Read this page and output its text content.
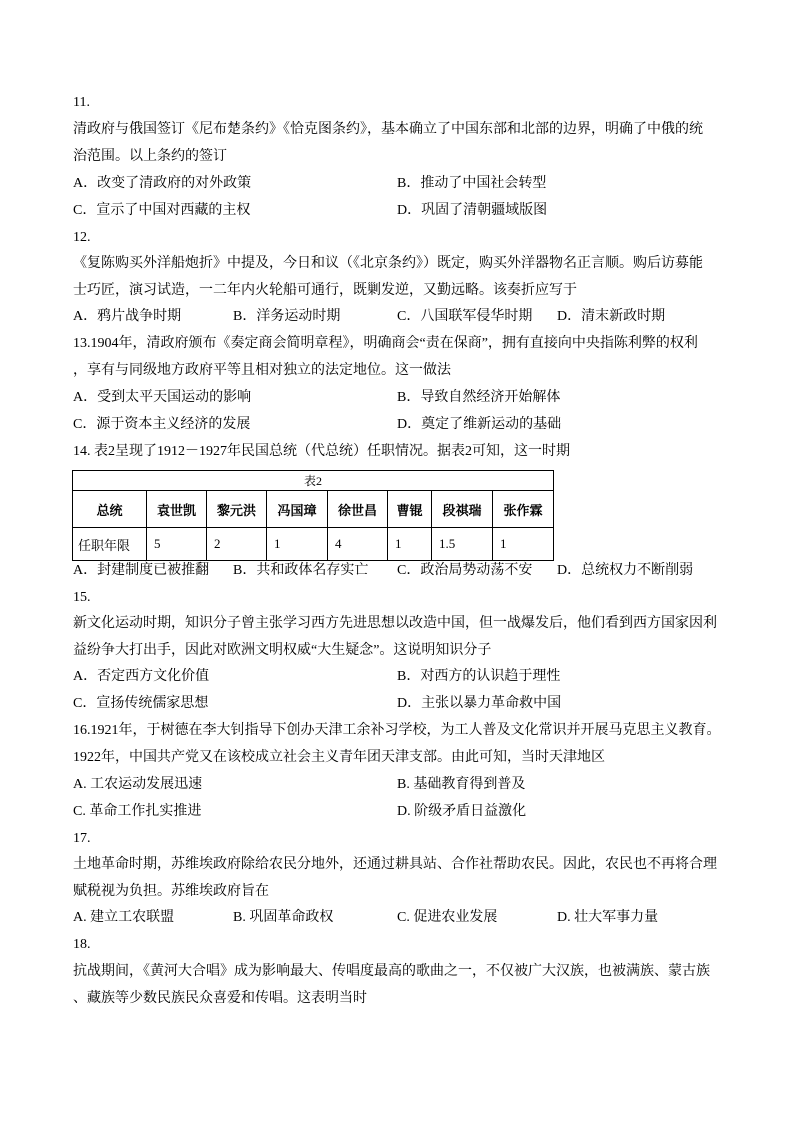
11.
清政府与俄国签订《尼布楚条约》《恰克图条约》，基本确立了中国东部和北部的边界，明确了中俄的统
治范围。以上条约的签订
A．改变了清政府的对外政策	B．推动了中国社会转型
C．宣示了中国对西藏的主权	D．巩固了清朝疆域版图
12.
《复陈购买外洋船炮折》中提及，今日和议（《北京条约》）既定，购买外洋器物名正言顺。购后访募能
士巧匠，演习试造，一二年内火轮船可通行，既剿发逆，又勤远略。该奏折应写于
A．鸦片战争时期	B．洋务运动时期	C．八国联军侵华时期 D．清末新政时期
13.1904年，清政府颁布《奏定商会简明章程》，明确商会“责在保商”，拥有直接向中央指陈利弊的权利
，享有与同级地方政府平等且相对独立的法定地位。这一做法
A．受到太平天国运动的影响	B．导致自然经济开始解体
C．源于资本主义经济的发展	D．奠定了维新运动的基础
14. 表2呈现了1912－1927年民国总统（代总统）任职情况。据表2可知，这一时期
表2							
总统	袁世凯	黎元洪	冯国璋	徐世昌	曹锟	段祺瑞	张作霖
任职年限	5	2	1	4	1	1.5	1
A．封建制度已被推翻 B．共和政体名存实亡 C．政治局势动荡不安 D．总统权力不断削弱
15.
新文化运动时期，知识分子曾主张学习西方先进思想以改造中国，但一战爆发后，他们看到西方国家因利
益纷争大打出手，因此对欧洲文明权威“大生疑念”。这说明知识分子
A．否定西方文化价值	B．对西方的认识趋于理性
C．宣扬传统儒家思想	D．主张以暴力革命救中国
16.1921年，于树德在李大钊指导下创办天津工余补习学校，为工人普及文化常识并开展马克思主义教育。
1922年，中国共产党又在该校成立社会主义青年团天津支部。由此可知，当时天津地区
A. 工农运动发展迅速	B. 基础教育得到普及
C. 革命工作扎实推进	D. 阶级矛盾日益激化
17.
土地革命时期，苏维埃政府除给农民分地外，还通过耕具站、合作社帮助农民。因此，农民也不再将合理
赋税视为负担。苏维埃政府旨在
A. 建立工农联盟	B. 巩固革命政权	C. 促进农业发展	D. 壮大军事力量
18.
抗战期间，《黄河大合唱》成为影响最大、传唱度最高的歌曲之一，不仅被广大汉族，也被满族、蒙古族
、藏族等少数民族民众喜爱和传唱。这表明当时
